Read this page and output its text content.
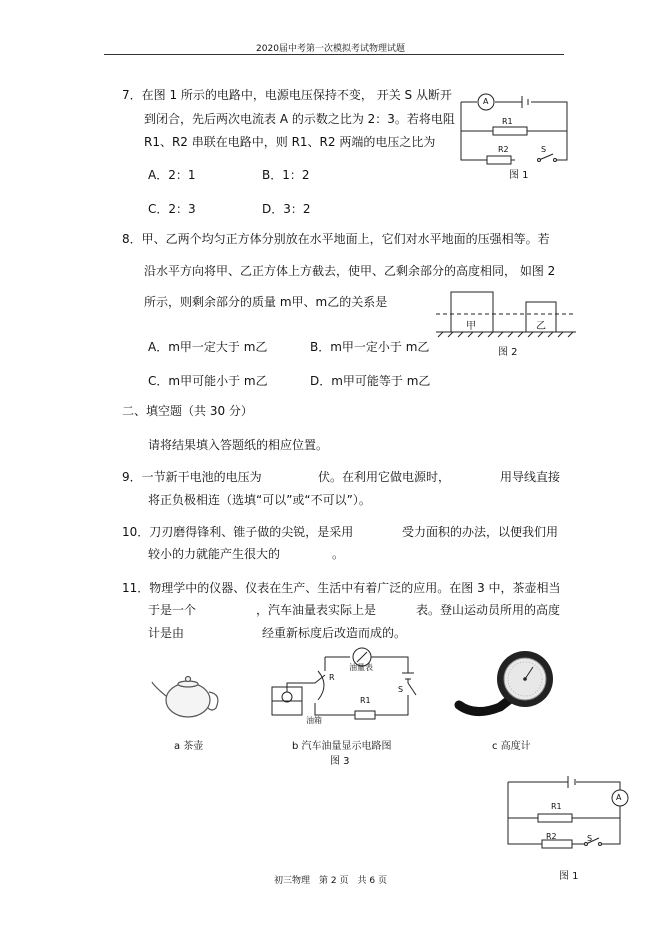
2020届中考第一次模拟考试物理试题
7．在图 1 所示的电路中，电源电压保持不变， 开关 S 从断开
到闭合，先后两次电流表 A 的示数之比为 2：3。若将电阻
R1、R2 串联在电路中，则 R1、R2 两端的电压之比为
A．2：1	B．1：2
C．2：3	D．3：2
A
R1
R2	S
图 1
8．甲、乙两个均匀正方体分别放在水平地面上，它们对水平地面的压强相等。若
沿水平方向将甲、乙正方体上方截去，使甲、乙剩余部分的高度相同， 如图 2
所示，则剩余部分的质量 m甲、m乙的关系是
A．m甲一定大于 m乙	B．m甲一定小于 m乙
C．m甲可能小于 m乙	D．m甲可能等于 m乙
甲	乙
图 2
二、填空题（共 30 分）
请将结果填入答题纸的相应位置。
9．一节新干电池的电压为	伏。在利用它做电源时，	用导线直接
将正负极相连（选填“可以”或“不可以”）。
10．刀刃磨得锋利、锥子做的尖锐，是采用	受力面积的办法，以便我们用
较小的力就能产生很大的	。
11．物理学中的仪器、仪表在生产、生活中有着广泛的应用。在图 3 中，茶壶相当
于是一个	，汽车油量表实际上是	表。登山运动员所用的高度
计是由	经重新标度后改造而成的。
a 茶壶
油量表
R
R1
S
油箱
b 汽车油量显示电路图
图 3
c 高度计
A
R1
R2	S
图 1
初三物理　第 2 页　共 6 页
